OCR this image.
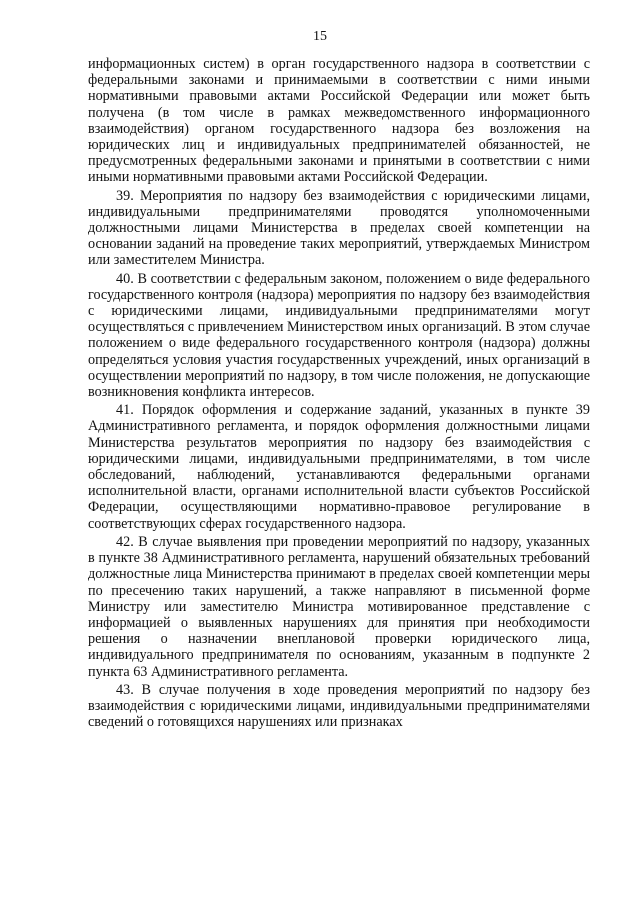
15

информационных систем) в орган государственного надзора в соответствии с федеральными законами и принимаемыми в соответствии с ними иными нормативными правовыми актами Российской Федерации или может быть получена (в том числе в рамках межведомственного информационного взаимодействия) органом государственного надзора без возложения на юридических лиц и индивидуальных предпринимателей обязанностей, не предусмотренных федеральными законами и принятыми в соответствии с ними иными нормативными правовыми актами Российской Федерации.

39. Мероприятия по надзору без взаимодействия с юридическими лицами, индивидуальными предпринимателями проводятся уполномоченными должностными лицами Министерства в пределах своей компетенции на основании заданий на проведение таких мероприятий, утверждаемых Министром или заместителем Министра.

40. В соответствии с федеральным законом, положением о виде федерального государственного контроля (надзора) мероприятия по надзору без взаимодействия с юридическими лицами, индивидуальными предпринимателями могут осуществляться с привлечением Министерством иных организаций. В этом случае положением о виде федерального государственного контроля (надзора) должны определяться условия участия государственных учреждений, иных организаций в осуществлении мероприятий по надзору, в том числе положения, не допускающие возникновения конфликта интересов.

41. Порядок оформления и содержание заданий, указанных в пункте 39 Административного регламента, и порядок оформления должностными лицами Министерства результатов мероприятия по надзору без взаимодействия с юридическими лицами, индивидуальными предпринимателями, в том числе обследований, наблюдений, устанавливаются федеральными органами исполнительной власти, органами исполнительной власти субъектов Российской Федерации, осуществляющими нормативно-правовое регулирование в соответствующих сферах государственного надзора.

42. В случае выявления при проведении мероприятий по надзору, указанных в пункте 38 Административного регламента, нарушений обязательных требований должностные лица Министерства принимают в пределах своей компетенции меры по пресечению таких нарушений, а также направляют в письменной форме Министру или заместителю Министра мотивированное представление с информацией о выявленных нарушениях для принятия при необходимости решения о назначении внеплановой проверки юридического лица, индивидуального предпринимателя по основаниям, указанным в подпункте 2 пункта 63 Административного регламента.

43. В случае получения в ходе проведения мероприятий по надзору без взаимодействия с юридическими лицами, индивидуальными предпринимателями сведений о готовящихся нарушениях или признаках
